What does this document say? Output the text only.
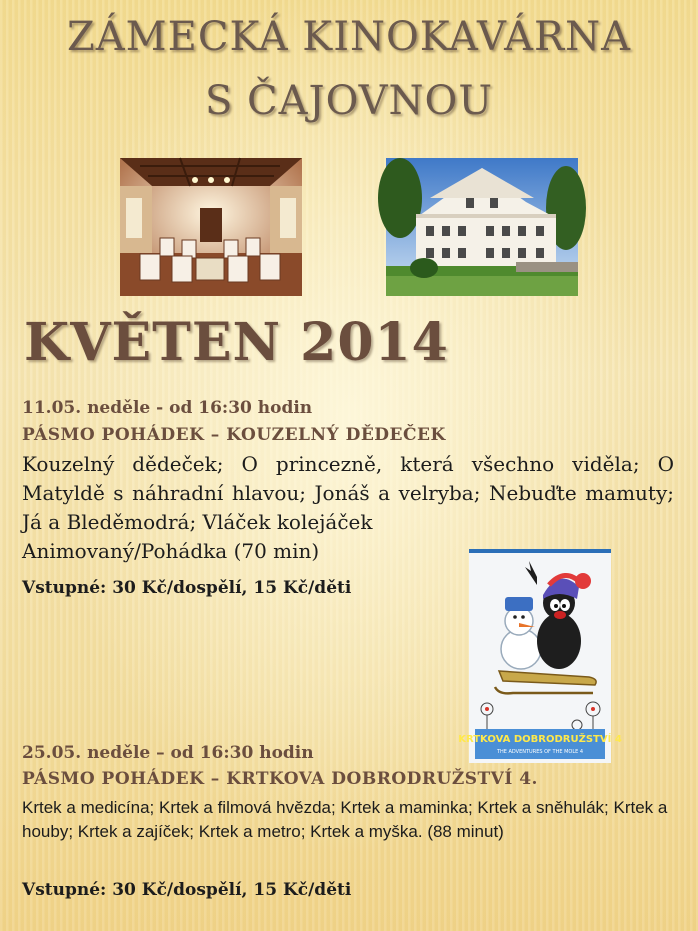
ZÁMECKÁ KINOKAVÁRNA
S ČAJOVNOU
KVĚTEN 2014
11.05. neděle - od 16:30 hodin
PÁSMO POHÁDEK – KOUZELNÝ DĚDEČEK
Kouzelný dědeček; O princezně, která všechno viděla; O Matyldě s náhradní hlavou; Jonáš a velryba; Nebuďte mamuty; Já a Bleděmodrá; Vláček kolejáček
Animovaný/Pohádka (70 min)
Vstupné: 30 Kč/dospělí, 15 Kč/děti
KRTKOVA DOBRODRUŽSTVÍ 4
THE ADVENTURES OF THE MOLE 4
25.05. neděle – od 16:30 hodin
PÁSMO POHÁDEK – KRTKOVA DOBRODRUŽSTVÍ 4.
Krtek a medicína; Krtek a filmová hvězda; Krtek a maminka; Krtek a sněhulák; Krtek a houby; Krtek a zajíček; Krtek a metro; Krtek a myška. (88 minut)
Vstupné: 30 Kč/dospělí, 15 Kč/děti
